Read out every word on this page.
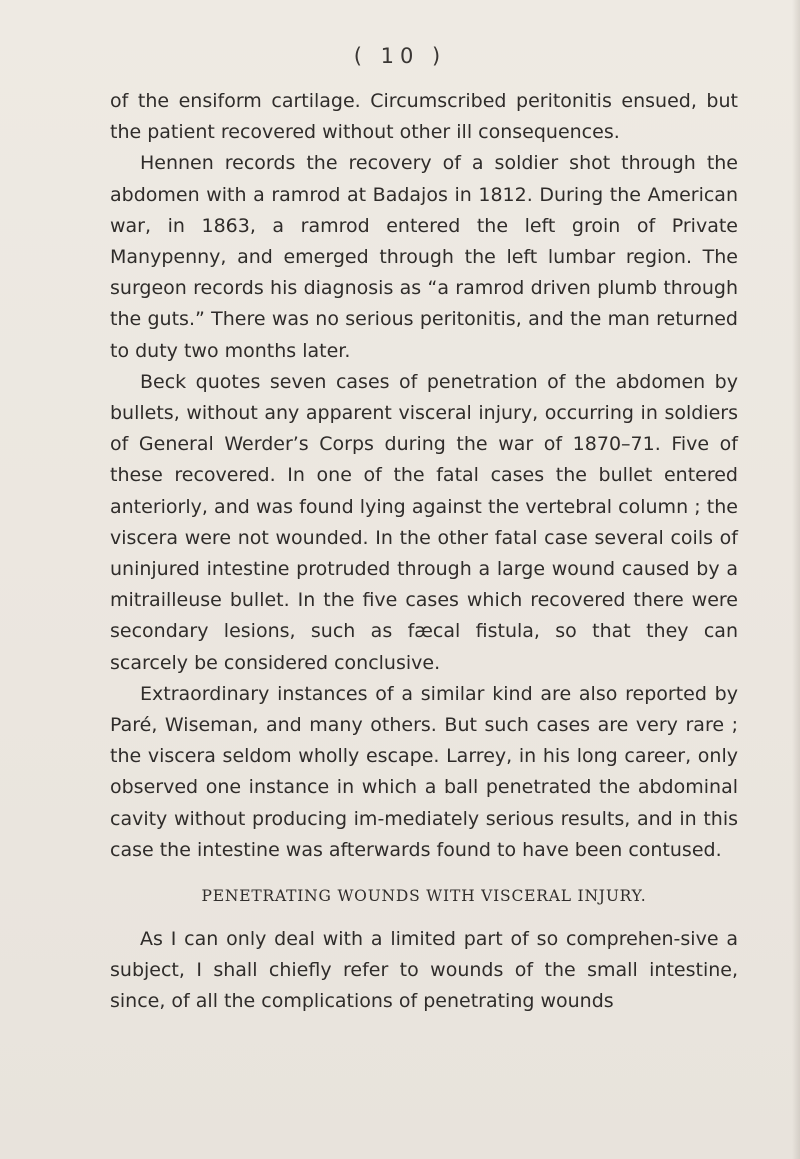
( 10 )

of the ensiform cartilage. Circumscribed peritonitis ensued, but the patient recovered without other ill consequences.

Hennen records the recovery of a soldier shot through the abdomen with a ramrod at Badajos in 1812. During the American war, in 1863, a ramrod entered the left groin of Private Manypenny, and emerged through the left lumbar region. The surgeon records his diagnosis as “a ramrod driven plumb through the guts.” There was no serious peritonitis, and the man returned to duty two months later.

Beck quotes seven cases of penetration of the abdomen by bullets, without any apparent visceral injury, occurring in soldiers of General Werder’s Corps during the war of 1870–71. Five of these recovered. In one of the fatal cases the bullet entered anteriorly, and was found lying against the vertebral column ; the viscera were not wounded. In the other fatal case several coils of uninjured intestine protruded through a large wound caused by a mitrailleuse bullet. In the five cases which recovered there were secondary lesions, such as fæcal fistula, so that they can scarcely be considered conclusive.

Extraordinary instances of a similar kind are also reported by Paré, Wiseman, and many others. But such cases are very rare ; the viscera seldom wholly escape. Larrey, in his long career, only observed one instance in which a ball penetrated the abdominal cavity without producing im-mediately serious results, and in this case the intestine was afterwards found to have been contused.

PENETRATING WOUNDS WITH VISCERAL INJURY.

As I can only deal with a limited part of so comprehen-sive a subject, I shall chiefly refer to wounds of the small intestine, since, of all the complications of penetrating wounds
